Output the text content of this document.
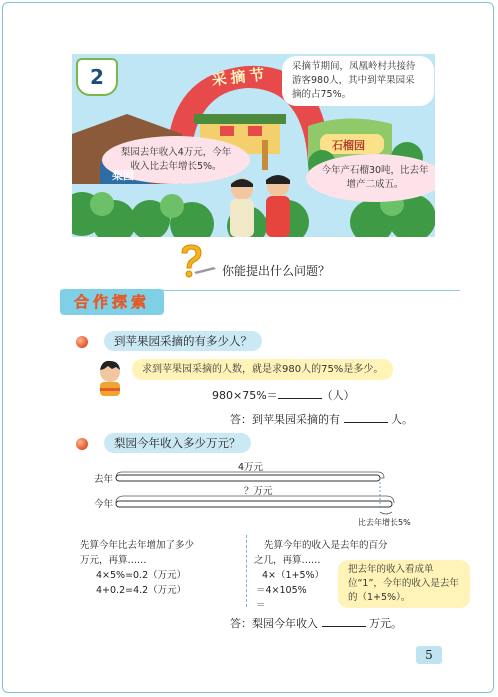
2	采摘节	采摘节期间，凤凰岭村共接待游客980人，其中到苹果园采摘的占75%。
梨园去年收入4万元，今年收入比去年增长5%。	今年产石榴30吨，比去年增产二成五。
梨园
石榴园
你能提出什么问题？
合作探索
到苹果园采摘的有多少人？
求到苹果园采摘的人数，就是求980人的75%是多少。
980×75%＝	（人）
答：到苹果园采摘的有	人。
梨园今年收入多少万元？
去年
4万元
今年
？万元
比去年增长5%
先算今年比去年增加了多少
万元，再算……
4×5%=0.2（万元）
4+0.2=4.2（万元）
先算今年的收入是去年的百分
之几，再算……
4×（1+5%）
＝4×105%
＝
把去年的收入看成单位“1”，今年的收入是去年的（1+5%）。
答：梨园今年收入	万元。
5
